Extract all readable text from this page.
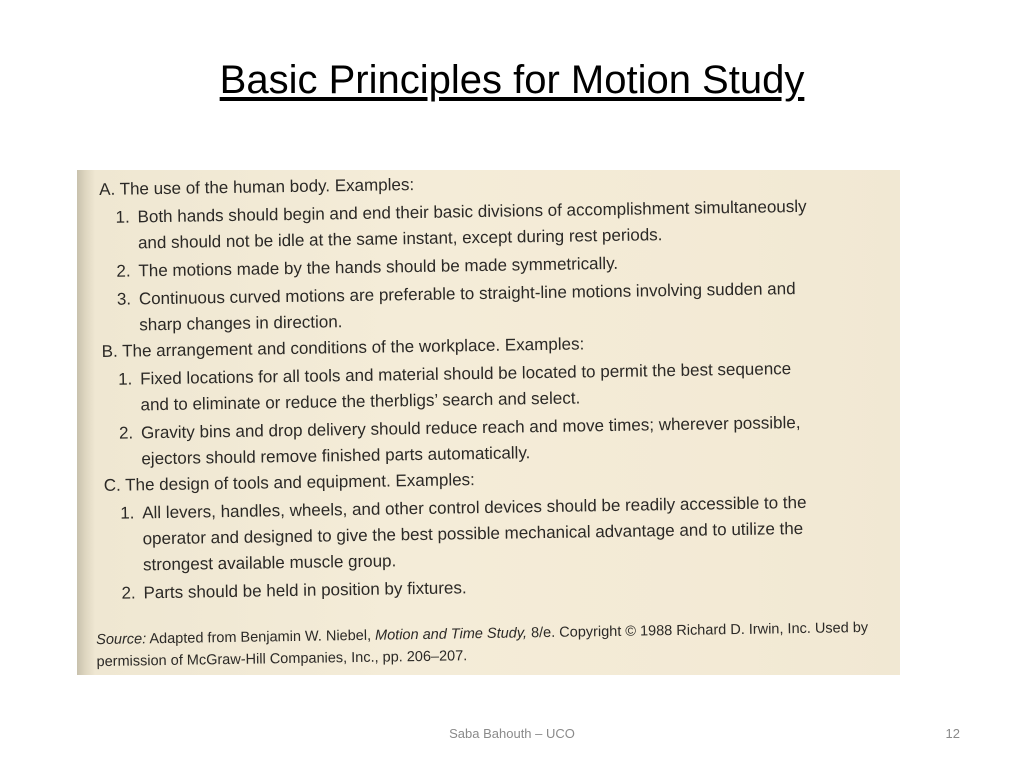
Basic Principles for Motion Study
A. The use of the human body. Examples:
1. Both hands should begin and end their basic divisions of accomplishment simultaneously
and should not be idle at the same instant, except during rest periods.
2. The motions made by the hands should be made symmetrically.
3. Continuous curved motions are preferable to straight-line motions involving sudden and
sharp changes in direction.
B. The arrangement and conditions of the workplace. Examples:
1. Fixed locations for all tools and material should be located to permit the best sequence
and to eliminate or reduce the therbligs’ search and select.
2. Gravity bins and drop delivery should reduce reach and move times; wherever possible,
ejectors should remove finished parts automatically.
C. The design of tools and equipment. Examples:
1. All levers, handles, wheels, and other control devices should be readily accessible to the
operator and designed to give the best possible mechanical advantage and to utilize the
strongest available muscle group.
2. Parts should be held in position by fixtures.
Source: Adapted from Benjamin W. Niebel, Motion and Time Study, 8/e. Copyright © 1988 Richard D. Irwin, Inc. Used by
permission of McGraw-Hill Companies, Inc., pp. 206–207.
Saba Bahouth – UCO	12
